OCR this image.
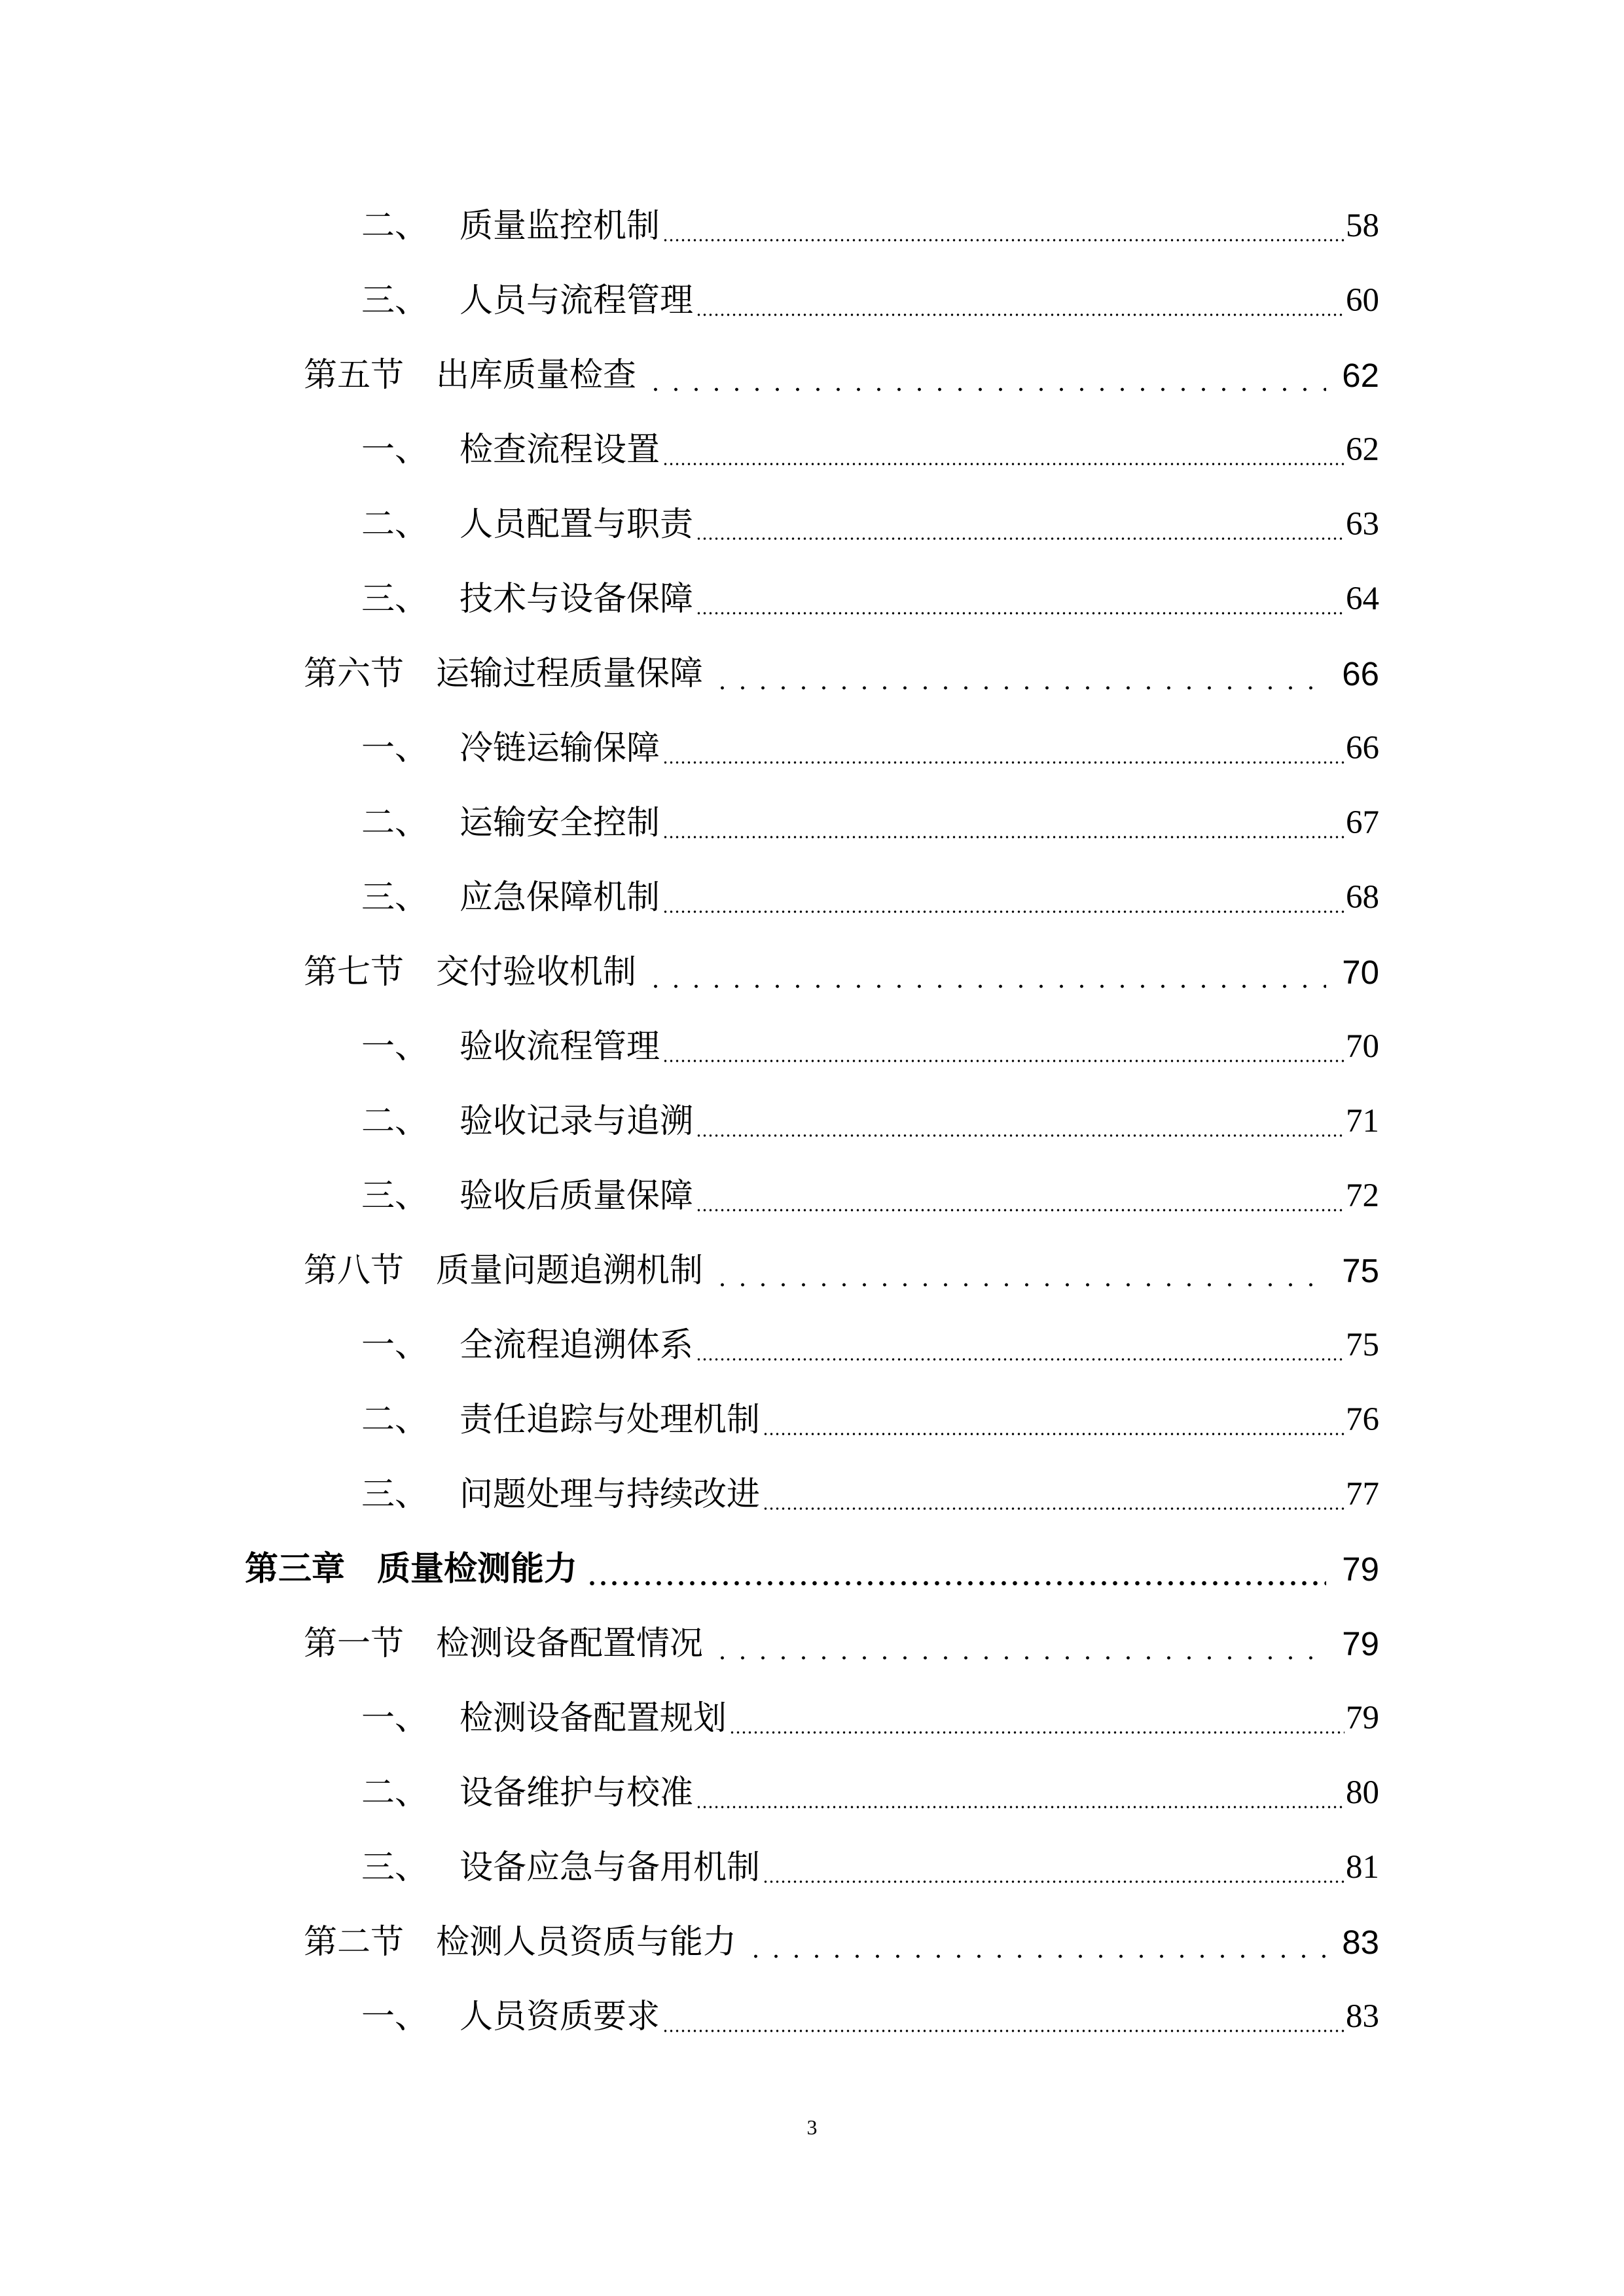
二、 质量监控机制	58
三、 人员与流程管理	60
第五节 出库质量检查	62
一、 检查流程设置	62
二、 人员配置与职责	63
三、 技术与设备保障	64
第六节 运输过程质量保障	66
一、 冷链运输保障	66
二、 运输安全控制	67
三、 应急保障机制	68
第七节 交付验收机制	70
一、 验收流程管理	70
二、 验收记录与追溯	71
三、 验收后质量保障	72
第八节 质量问题追溯机制	75
一、 全流程追溯体系	75
二、 责任追踪与处理机制	76
三、 问题处理与持续改进	77
第三章 质量检测能力	79
第一节 检测设备配置情况	79
一、 检测设备配置规划	79
二、 设备维护与校准	80
三、 设备应急与备用机制	81
第二节 检测人员资质与能力	83
一、 人员资质要求	83
3
